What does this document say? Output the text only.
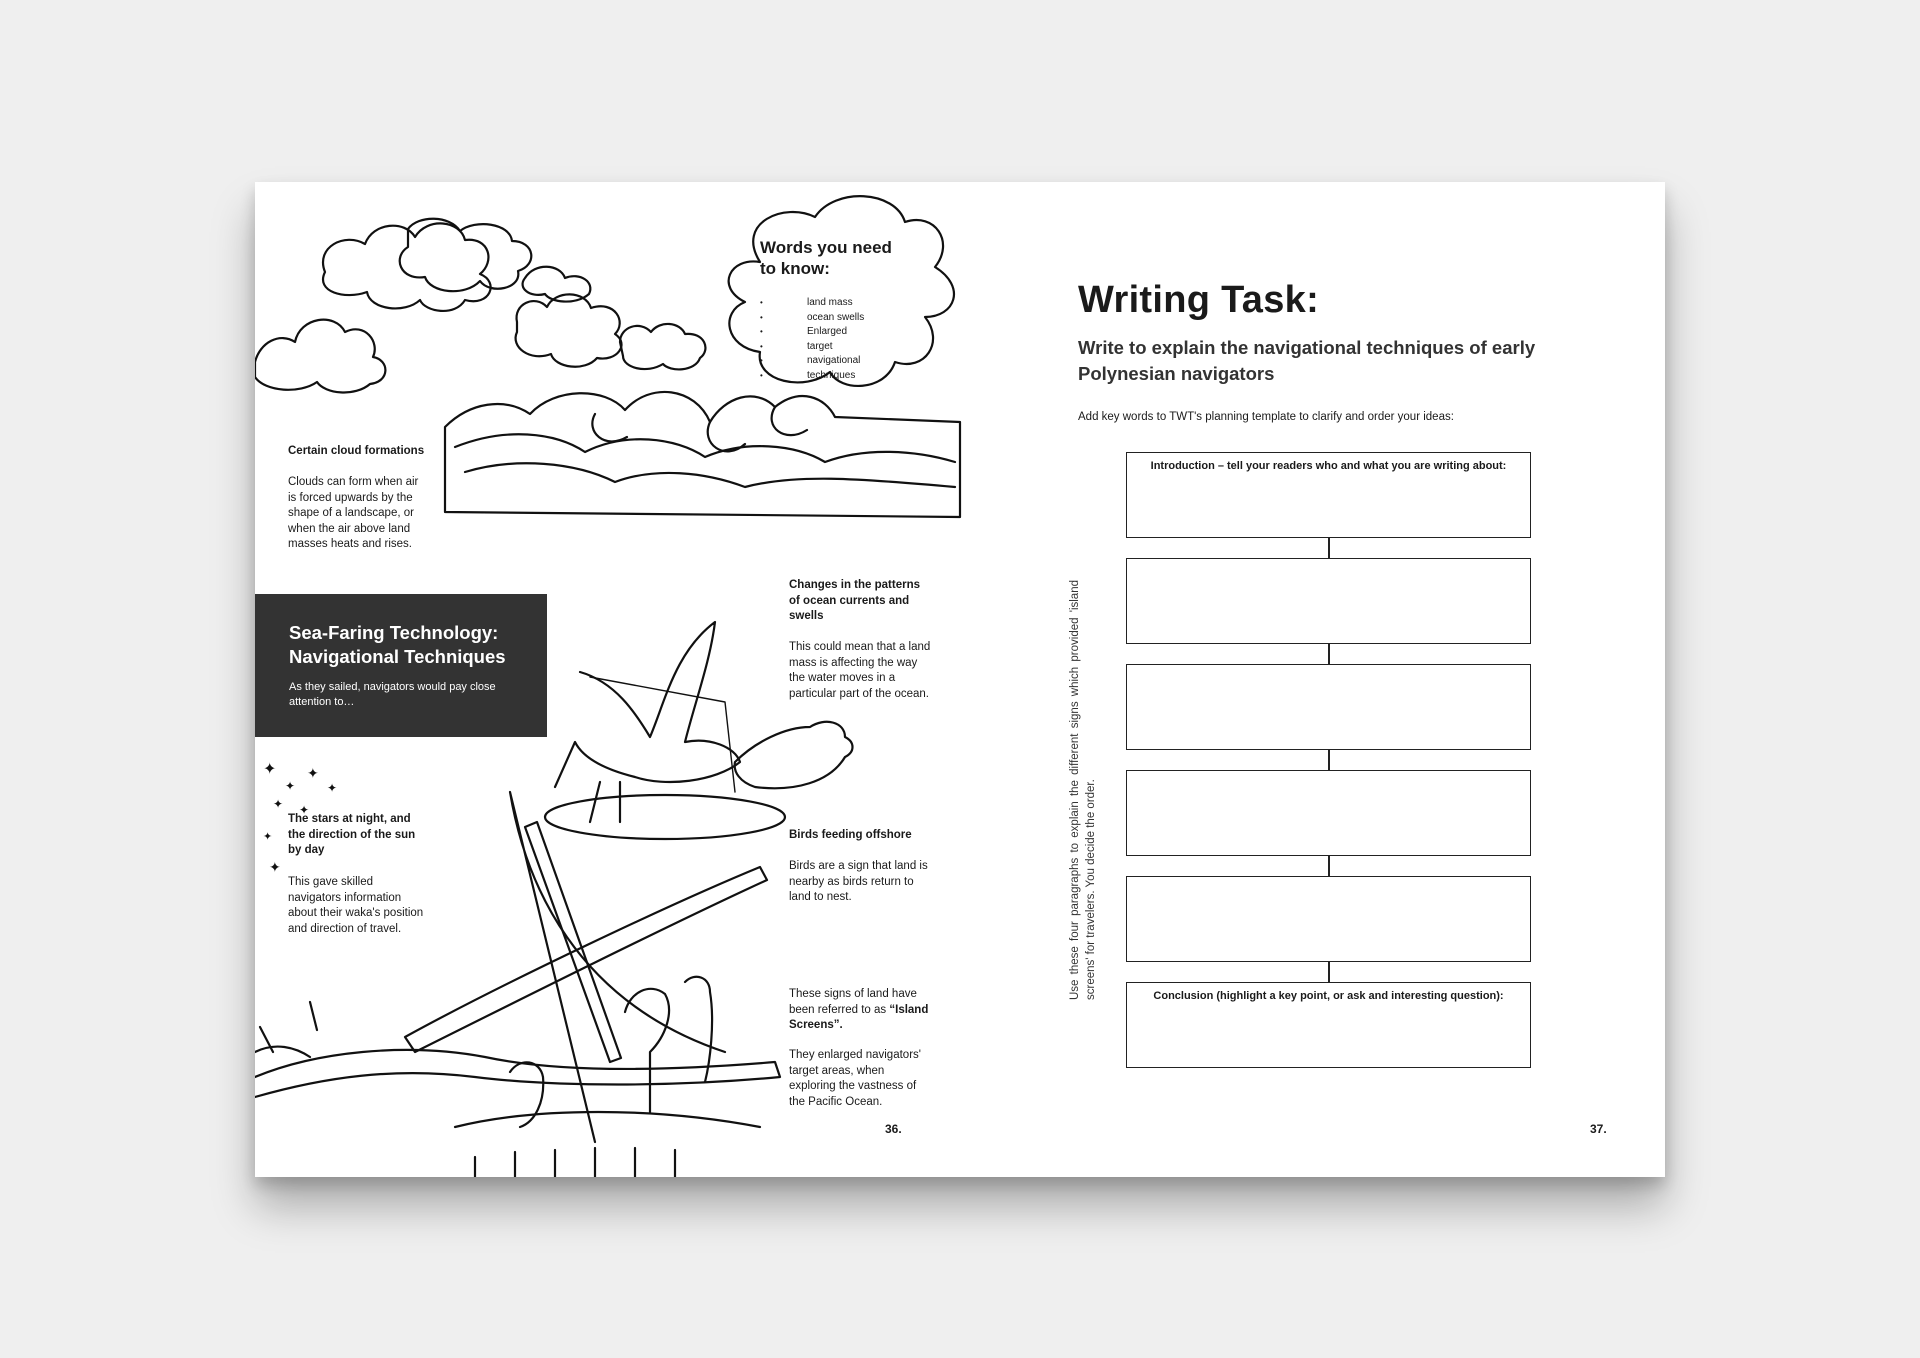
✦
✦
✦
✦
✦ ✦
✦
✦
Words you need to know:
• land mass
• ocean swells
• Enlarged
• target
• navigational
• techniques
Certain cloud formations
Clouds can form when air is forced upwards by the shape of a landscape, or when the air above land masses heats and rises.
Sea-Faring Technology: Navigational Techniques
As they sailed, navigators would pay close attention to…
Changes in the patterns of ocean currents and swells
This could mean that a land mass is affecting the way the water moves in a particular part of the ocean.
Birds feeding offshore
Birds are a sign that land is nearby as birds return to land to nest.
The stars at night, and the direction of the sun by day
This gave skilled navigators information about their waka's position and direction of travel.
These signs of land have been referred to as “Island Screens”.
They enlarged navigators' target areas, when exploring the vastness of the Pacific Ocean.
36.
Writing Task:
Write to explain the navigational techniques of early Polynesian navigators
Add key words to TWT's planning template to clarify and order your ideas:
Use these four paragraphs to explain the different signs which provided 'island screens' for travelers. You decide the order.
Introduction – tell your readers who and what you are writing about:
Conclusion (highlight a key point, or ask and interesting question):
37.
